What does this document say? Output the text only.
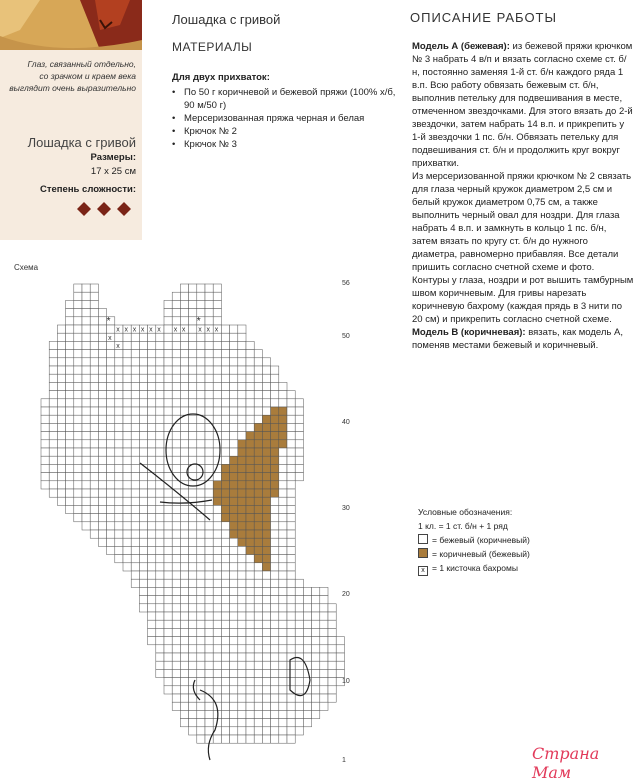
Глаз, связанный отдельно,
со зрачком и краем века
выглядит очень выразительно
Лошадка с гривой
Размеры:
17 x 25 см
Степень сложности:
Схема
Лошадка с гривой
МАТЕРИАЛЫ
Для двух прихваток:
• По 50 г коричневой и бежевой пряжи (100% х/б, 90 м/50 г)
• Мерсеризованная пряжа черная и белая
• Крючок № 2
• Крючок № 3
ОПИСАНИЕ РАБОТЫ
Модель А (бежевая): из бежевой пряжи крючком № 3 набрать 4 в/п и вязать согласно схеме ст. б/н, постоянно заменяя 1-й ст. б/н каждого ряда 1 в.п. Всю работу обвязать бежевым ст. б/н, выполнив петельку для подвешивания в месте, отмеченном звездочками. Для этого вязать до 2-й звездочки, затем набрать 14 в.п. и прикрепить у 1-й звездочки 1 пс. б/н. Обвязать петельку для подвешивания ст. б/н и продолжить круг вокруг прихватки.
Из мерсеризованной пряжи крючком № 2 связать для глаза черный кружок диаметром 2,5 см и белый кружок диаметром 0,75 см, а также выполнить черный овал для ноздри. Для глаза набрать 4 в.п. и замкнуть в кольцо 1 пс. б/н, затем вязать по кругу ст. б/н до нужного диаметра, равномерно прибавляя. Все детали пришить согласно счетной схеме и фото. Контуры у глаза, ноздри и рот вышить тамбурным швом коричневым. Для гривы нарезать коричневую бахрому (каждая прядь в 3 нити по 20 см) и прикрепить согласно счетной схеме.
Модель В (коричневая): вязать, как модель А, поменяв местами бежевый и коричневый.
Условные обозначения:
1 кл. = 1 ст. б/н + 1 ряд
= бежевый (коричневый)
= коричневый (бежевый)
x = 1 кисточка бахромы
x x x x x x x x x x x
x
x
*	*
56
50
40
30
20
10
1	Страна Мам
